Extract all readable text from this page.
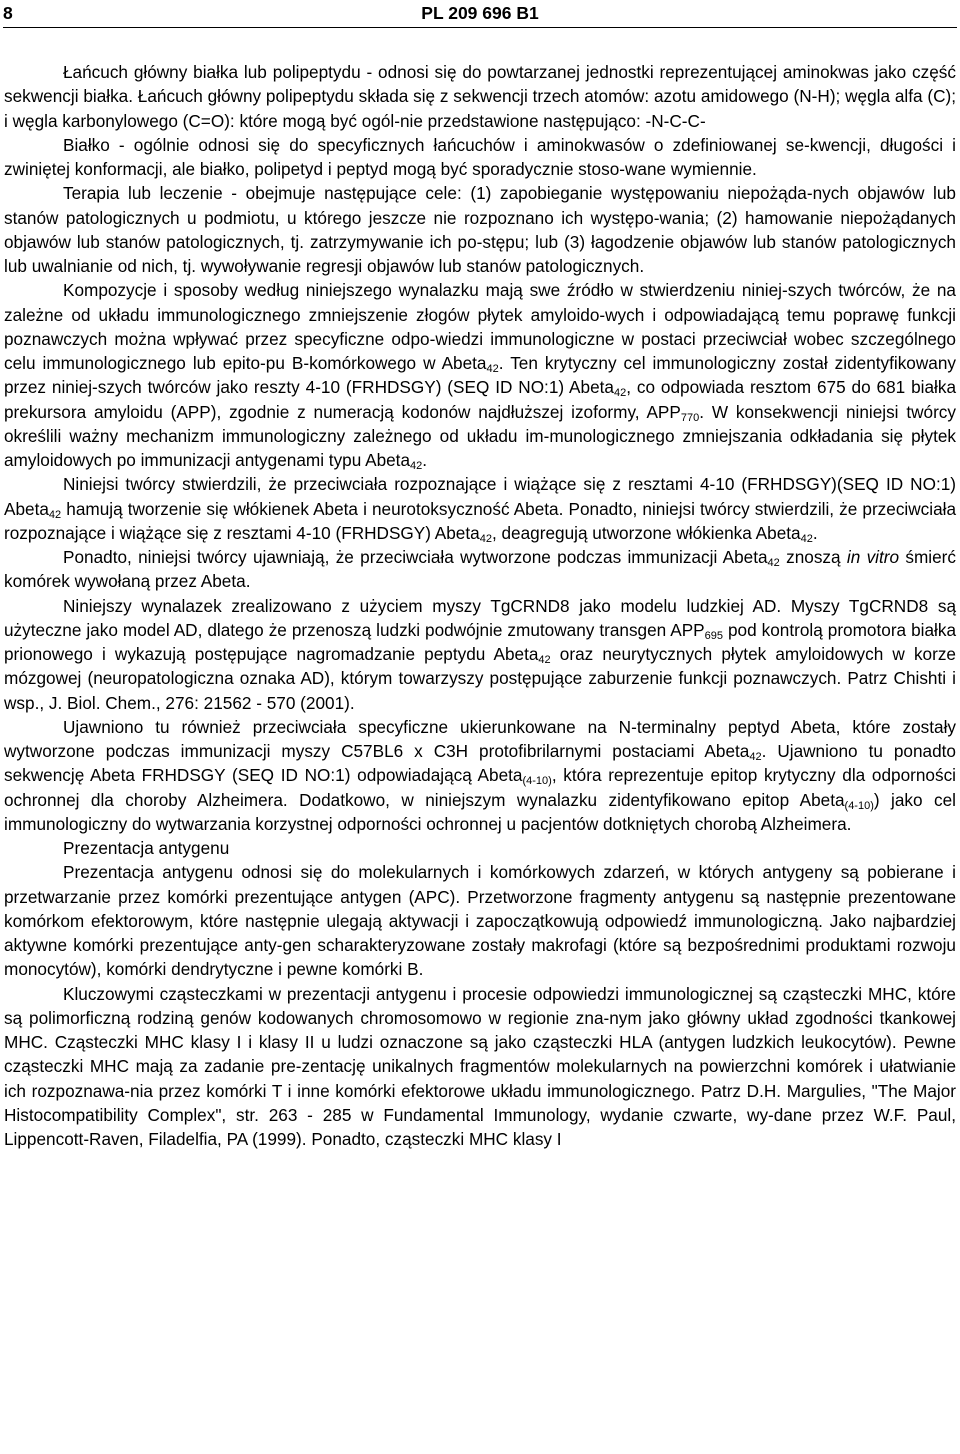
8	PL 209 696 B1

Łańcuch główny białka lub polipeptydu - odnosi się do powtarzanej jednostki reprezentującej aminokwas jako część sekwencji białka. Łańcuch główny polipeptydu składa się z sekwencji trzech atomów: azotu amidowego (N-H); węgla alfa (C); i węgla karbonylowego (C=O): które mogą być ogól-nie przedstawione następująco: -N-C-C-

Białko - ogólnie odnosi się do specyficznych łańcuchów i aminokwasów o zdefiniowanej se-kwencji, długości i zwiniętej konformacji, ale białko, polipetyd i peptyd mogą być sporadycznie stoso-wane wymiennie.

Terapia lub leczenie - obejmuje następujące cele: (1) zapobieganie występowaniu niepożąda-nych objawów lub stanów patologicznych u podmiotu, u którego jeszcze nie rozpoznano ich występo-wania; (2) hamowanie niepożądanych objawów lub stanów patologicznych, tj. zatrzymywanie ich po-stępu; lub (3) łagodzenie objawów lub stanów patologicznych lub uwalnianie od nich, tj. wywoływanie regresji objawów lub stanów patologicznych.

Kompozycje i sposoby według niniejszego wynalazku mają swe źródło w stwierdzeniu niniej-szych twórców, że na zależne od układu immunologicznego zmniejszenie złogów płytek amyloido-wych i odpowiadającą temu poprawę funkcji poznawczych można wpływać przez specyficzne odpo-wiedzi immunologiczne w postaci przeciwciał wobec szczególnego celu immunologicznego lub epito-pu B-komórkowego w Abeta$_{42}$. Ten krytyczny cel immunologiczny został zidentyfikowany przez niniej-szych twórców jako reszty 4-10 (FRHDSGY) (SEQ ID NO:1) Abeta$_{42}$, co odpowiada resztom 675 do 681 białka prekursora amyloidu (APP), zgodnie z numeracją kodonów najdłuższej izoformy, $APP_{770}$. W konsekwencji niniejsi twórcy określili ważny mechanizm immunologiczny zależnego od układu im-munologicznego zmniejszania odkładania się płytek amyloidowych po immunizacji antygenami typu Abeta$_{42}$.

Niniejsi twórcy stwierdzili, że przeciwciała rozpoznające i wiążące się z resztami 4-10 (FRHDSGY)(SEQ ID NO:1) Abeta$_{42}$ hamują tworzenie się włókienek Abeta i neurotoksyczność Abeta. Ponadto, niniejsi twórcy stwierdzili, że przeciwciała rozpoznające i wiążące się z resztami 4-10 (FRHDSGY) Abeta$_{42}$, deagregują utworzone włókienka Abeta$_{42}$.

Ponadto, niniejsi twórcy ujawniają, że przeciwciała wytworzone podczas immunizacji Abeta$_{42}$ znoszą in vitro śmierć komórek wywołaną przez Abeta.

Niniejszy wynalazek zrealizowano z użyciem myszy TgCRND8 jako modelu ludzkiej AD. Myszy TgCRND8 są użyteczne jako model AD, dlatego że przenoszą ludzki podwójnie zmutowany transgen $APP_{695}$ pod kontrolą promotora białka prionowego i wykazują postępujące nagromadzanie peptydu Abeta$_{42}$ oraz neurytycznych płytek amyloidowych w korze mózgowej (neuropatologiczna oznaka AD), którym towarzyszy postępujące zaburzenie funkcji poznawczych. Patrz Chishti i wsp., J. Biol. Chem., 276: 21562 - 570 (2001).

Ujawniono tu również przeciwciała specyficzne ukierunkowane na N-terminalny peptyd Abeta, które zostały wytworzone podczas immunizacji myszy C57BL6 x C3H protofibrilarnymi postaciami Abeta$_{42}$. Ujawniono tu ponadto sekwencję Abeta FRHDSGY (SEQ ID NO:1) odpowiadającą Abeta$_{(4-10)}$, która reprezentuje epitop krytyczny dla odporności ochronnej dla choroby Alzheimera. Dodatkowo, w niniejszym wynalazku zidentyfikowano epitop Abeta$_{(4-10)}$) jako cel immunologiczny do wytwarzania korzystnej odporności ochronnej u pacjentów dotkniętych chorobą Alzheimera.

Prezentacja antygenu

Prezentacja antygenu odnosi się do molekularnych i komórkowych zdarzeń, w których antygeny są pobierane i przetwarzanie przez komórki prezentujące antygen (APC). Przetworzone fragmenty antygenu są następnie prezentowane komórkom efektorowym, które następnie ulegają aktywacji i zapoczątkowują odpowiedź immunologiczną. Jako najbardziej aktywne komórki prezentujące anty-gen scharakteryzowane zostały makrofagi (które są bezpośrednimi produktami rozwoju monocytów), komórki dendrytyczne i pewne komórki B.

Kluczowymi cząsteczkami w prezentacji antygenu i procesie odpowiedzi immunologicznej są cząsteczki MHC, które są polimorficzną rodziną genów kodowanych chromosomowo w regionie zna-nym jako główny układ zgodności tkankowej MHC. Cząsteczki MHC klasy I i klasy II u ludzi oznaczone są jako cząsteczki HLA (antygen ludzkich leukocytów). Pewne cząsteczki MHC mają za zadanie pre-zentację unikalnych fragmentów molekularnych na powierzchni komórek i ułatwianie ich rozpoznawa-nia przez komórki T i inne komórki efektorowe układu immunologicznego. Patrz D.H. Margulies, "The Major Histocompatibility Complex", str. 263 - 285 w Fundamental Immunology, wydanie czwarte, wy-dane przez W.F. Paul, Lippencott-Raven, Filadelfia, PA (1999). Ponadto, cząsteczki MHC klasy I
